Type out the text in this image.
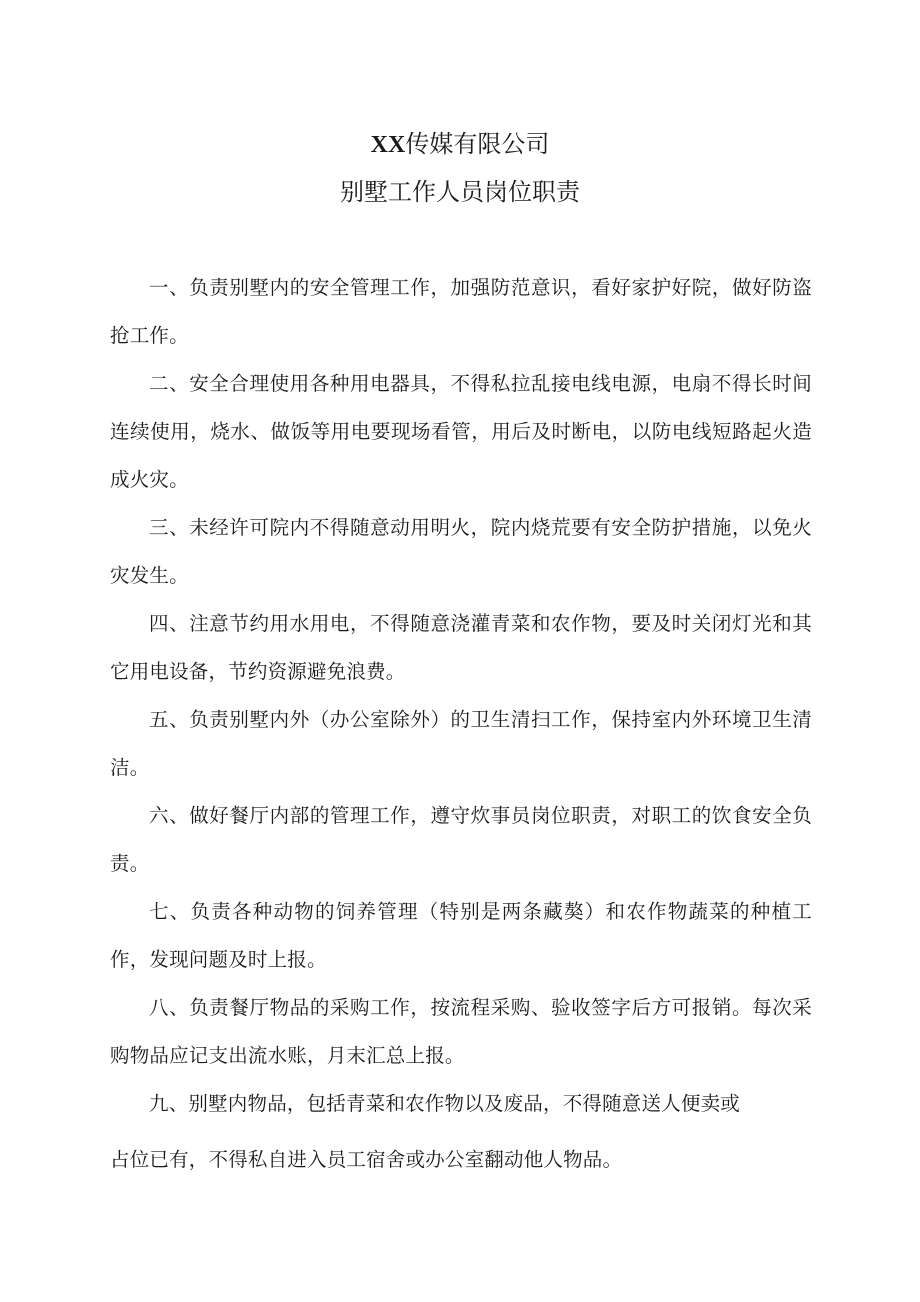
XX传媒有限公司
别墅工作人员岗位职责

一、负责别墅内的安全管理工作，加强防范意识，看好家护好院，做好防盗抢工作。

二、安全合理使用各种用电器具，不得私拉乱接电线电源，电扇不得长时间连续使用，烧水、做饭等用电要现场看管，用后及时断电，以防电线短路起火造成火灾。

三、未经许可院内不得随意动用明火，院内烧荒要有安全防护措施，以免火灾发生。

四、注意节约用水用电，不得随意浇灌青菜和农作物，要及时关闭灯光和其它用电设备，节约资源避免浪费。

五、负责别墅内外（办公室除外）的卫生清扫工作，保持室内外环境卫生清洁。

六、做好餐厅内部的管理工作，遵守炊事员岗位职责，对职工的饮食安全负责。

七、负责各种动物的饲养管理（特别是两条藏獒）和农作物蔬菜的种植工作，发现问题及时上报。

八、负责餐厅物品的采购工作，按流程采购、验收签字后方可报销。每次采购物品应记支出流水账，月末汇总上报。

九、别墅内物品，包括青菜和农作物以及废品，不得随意送人便卖或

占位已有，不得私自进入员工宿舍或办公室翻动他人物品。
